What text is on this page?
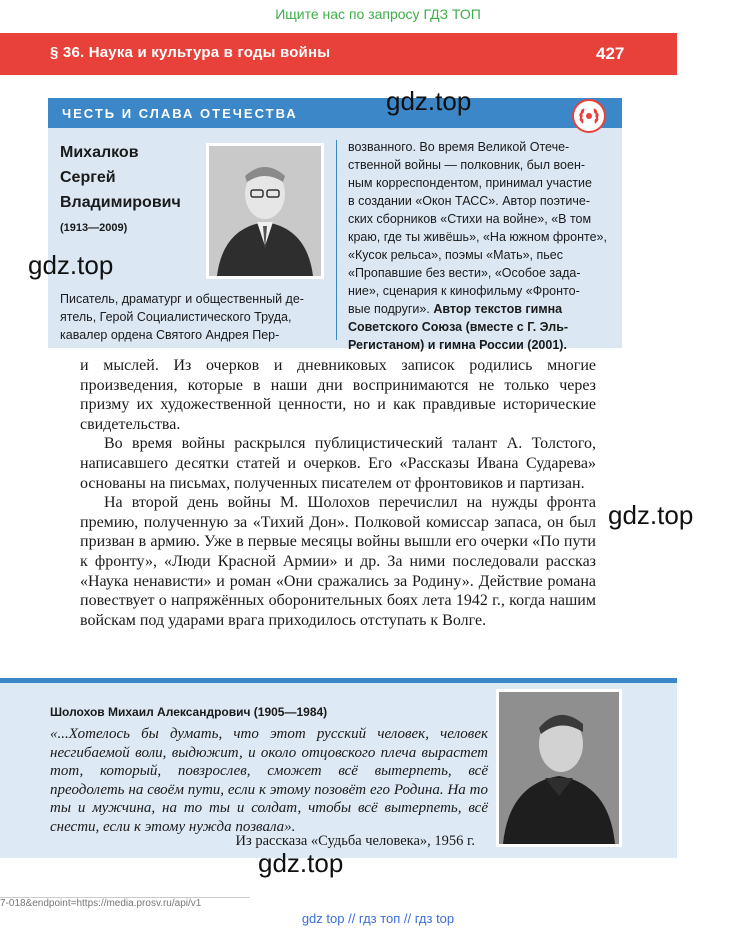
Ищите нас по запросу ГДЗ ТОП
§ 36. Наука и культура в годы войны	427
ЧЕСТЬ И СЛАВА ОТЕЧЕСТВА
Михалков
Сергей
Владимирович
(1913—2009)
Писатель, драматург и общественный де-
ятель, Герой Социалистического Труда,
кавалер ордена Святого Андрея Пер-
возванного. Во время Великой Отече-
ственной войны — полковник, был воен-
ным корреспондентом, принимал участие
в создании «Окон ТАСС». Автор поэтиче-
ских сборников «Стихи на войне», «В том
краю, где ты живёшь», «На южном фронте»,
«Кусок рельса», поэмы «Мать», пьес
«Пропавшие без вести», «Особое зада-
ние», сценария к кинофильму «Фронто-
вые подруги». Автор текстов гимна
Советского Союза (вместе с Г. Эль-
Регистаном) и гимна России (2001).

и мыслей. Из очерков и дневниковых записок родились многие произведения, которые в наши дни воспринимаются не только через призму их художественной ценности, но и как правдивые исторические свидетельства.

Во время войны раскрылся публицистический талант А. Толстого, написавшего десятки статей и очерков. Его «Рассказы Ивана Сударева» основаны на письмах, полученных писателем от фронтовиков и партизан.

На второй день войны М. Шолохов перечислил на нужды фронта премию, полученную за «Тихий Дон». Полковой комиссар запаса, он был призван в армию. Уже в первые месяцы войны вышли его очерки «По пути к фронту», «Люди Красной Армии» и др. За ними последовали рассказ «Наука ненависти» и роман «Они сражались за Родину». Действие романа повествует о напряжённых оборонительных боях лета 1942 г., когда нашим войскам под ударами врага приходилось отступать к Волге.

Шолохов Михаил Александрович (1905—1984)
«...Хотелось бы думать, что этот русский человек, человек несгибаемой воли, выдюжит, и около отцовского плеча вырастет тот, который, повзрослев, сможет всё вытерпеть, всё преодолеть на своём пути, если к этому позовёт его Родина. На то ты и мужчина, на то ты и солдат, чтобы всё вытерпеть, всё снести, если к этому нужда позвала».
Из рассказа «Судьба человека», 1956 г.
gdz.top
gdz.top
gdz.top
gdz.top
7-018&endpoint=https://media.prosv.ru/api/v1
gdz top // гдз топ // гдз top
